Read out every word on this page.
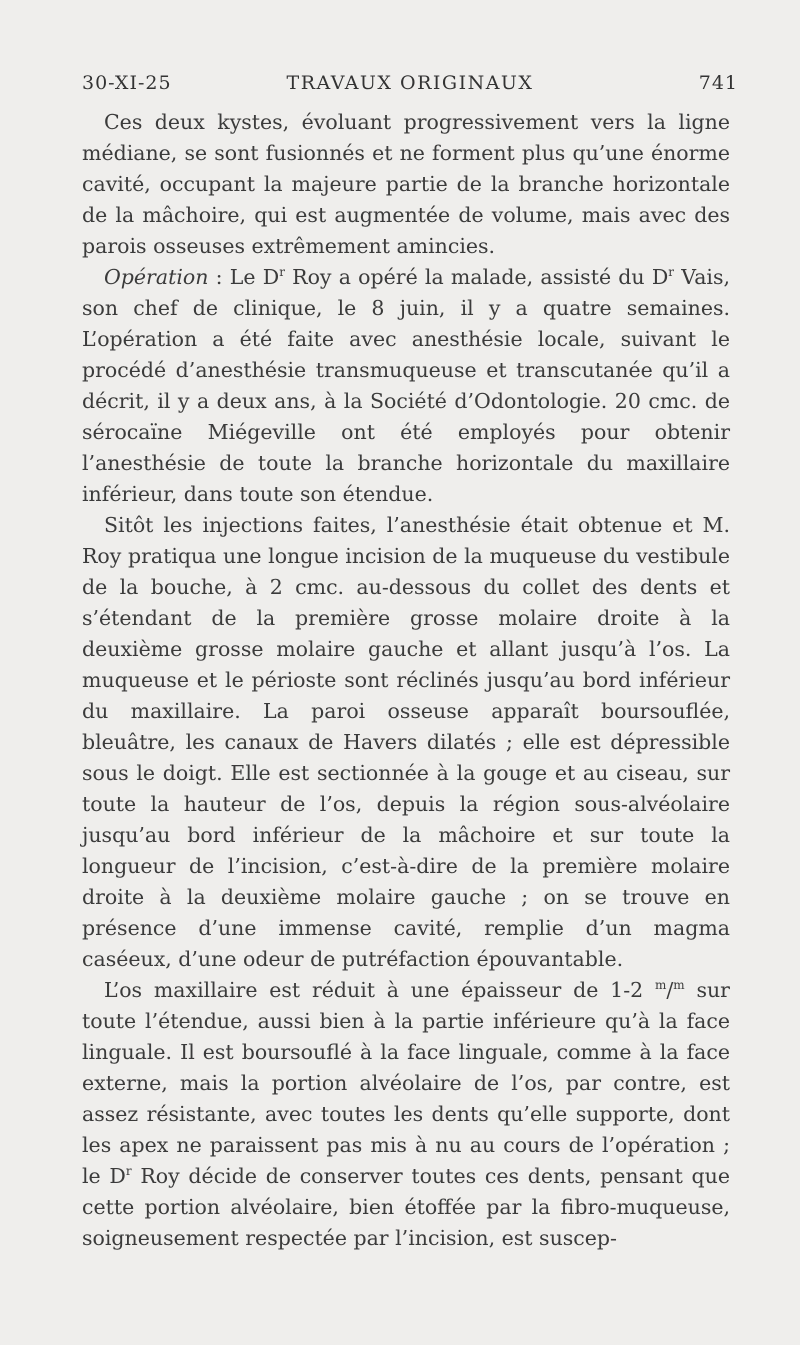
30-XI-25	TRAVAUX ORIGINAUX	741

Ces deux kystes, évoluant progressivement vers la ligne médiane, se sont fusionnés et ne forment plus qu’une énorme cavité, occupant la majeure partie de la branche horizontale de la mâchoire, qui est augmentée de volume, mais avec des parois osseuses extrêmement amincies.

Opération : Le $D^r$ Roy a opéré la malade, assisté du $D^r$ Vais, son chef de clinique, le 8 juin, il y a quatre semaines. L’opération a été faite avec anesthésie locale, suivant le procédé d’anesthésie transmuqueuse et transcutanée qu’il a décrit, il y a deux ans, à la Société d’Odontologie. 20 cmc. de sérocaïne Miégeville ont été employés pour obtenir l’anesthésie de toute la branche horizontale du maxillaire inférieur, dans toute son étendue.

Sitôt les injections faites, l’anesthésie était obtenue et M. Roy pratiqua une longue incision de la muqueuse du vestibule de la bouche, à 2 cmc. au-dessous du collet des dents et s’étendant de la première grosse molaire droite à la deuxième grosse molaire gauche et allant jusqu’à l’os. La muqueuse et le périoste sont réclinés jusqu’au bord inférieur du maxillaire. La paroi osseuse apparaît boursouflée, bleuâtre, les canaux de Havers dilatés ; elle est dépressible sous le doigt. Elle est sectionnée à la gouge et au ciseau, sur toute la hauteur de l’os, depuis la région sous-alvéolaire jusqu’au bord inférieur de la mâchoire et sur toute la longueur de l’incision, c’est-à-dire de la première molaire droite à la deuxième molaire gauche ; on se trouve en présence d’une immense cavité, remplie d’un magma caséeux, d’une odeur de putréfaction épouvantable.

L’os maxillaire est réduit à une épaisseur de 1-2 $^m$/$^m$ sur toute l’étendue, aussi bien à la partie inférieure qu’à la face linguale. Il est boursouflé à la face linguale, comme à la face externe, mais la portion alvéolaire de l’os, par contre, est assez résistante, avec toutes les dents qu’elle supporte, dont les apex ne paraissent pas mis à nu au cours de l’opération ; le $D^r$ Roy décide de conserver toutes ces dents, pensant que cette portion alvéolaire, bien étoffée par la fibro-muqueuse, soigneusement respectée par l’incision, est suscep-
